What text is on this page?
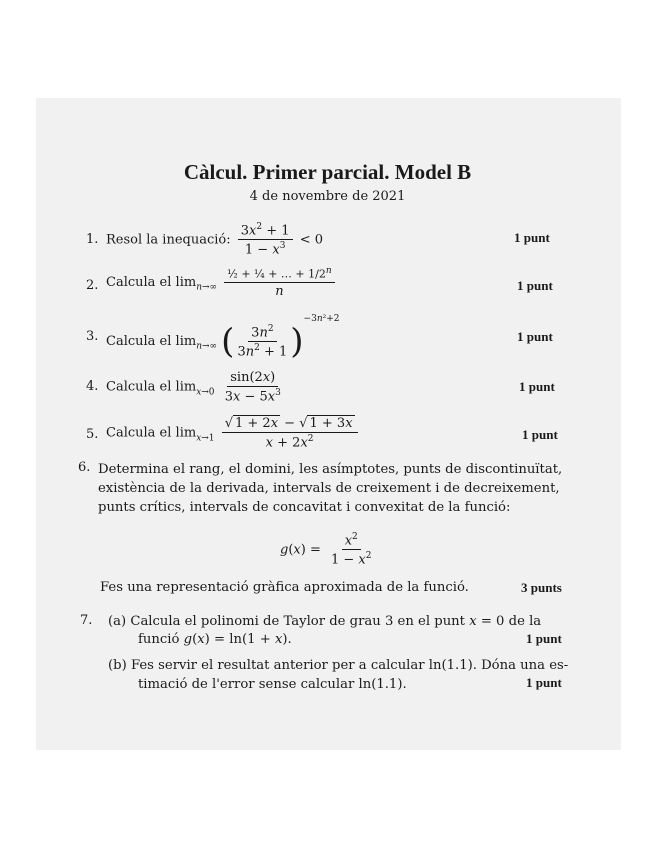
Càlcul. Primer parcial. Model B
4 de novembre de 2021
1. Resol la inequació: $\frac{3x^2 + 1}{1 - x^3} < 0$	1 punt
2. Calcula el $\lim_{n\to\infty} \frac{\frac{1}{2} + \frac{1}{4} + \dots + 1/2^n}{n}$	1 punt
3. Calcula el $\lim_{n\to\infty}$ ( $\frac{3n^2}{3n^2 + 1} )^{-3n^2+2}$
1 punt
4. Calcula el $\lim_{x\to 0} \frac{\sin(2x)}{3x - 5x^3}$	1 punt
5. Calcula el $\lim_{x\to 1} \frac{√ 1 + 2x - √ 1 + 3x}{x + 2x^2}$	1 punt
6. Determina el rang, el domini, les asímptotes, punts de discontinuïtat,
existència de la derivada, intervals de creixement i de decreixement,
punts crítics, intervals de concavitat i convexitat de la funció:
$g(x) = \frac{x^2}{1 - x^2}$
Fes una representació gràfica aproximada de la funció.	3 punts
7. (a) Calcula el polinomi de Taylor de grau 3 en el punt x = 0 de la
funció g(x) = ln(1 + x).	1 punt
(b) Fes servir el resultat anterior per a calcular ln(1.1). Dóna una es-
timació de l'error sense calcular ln(1.1).	1 punt
